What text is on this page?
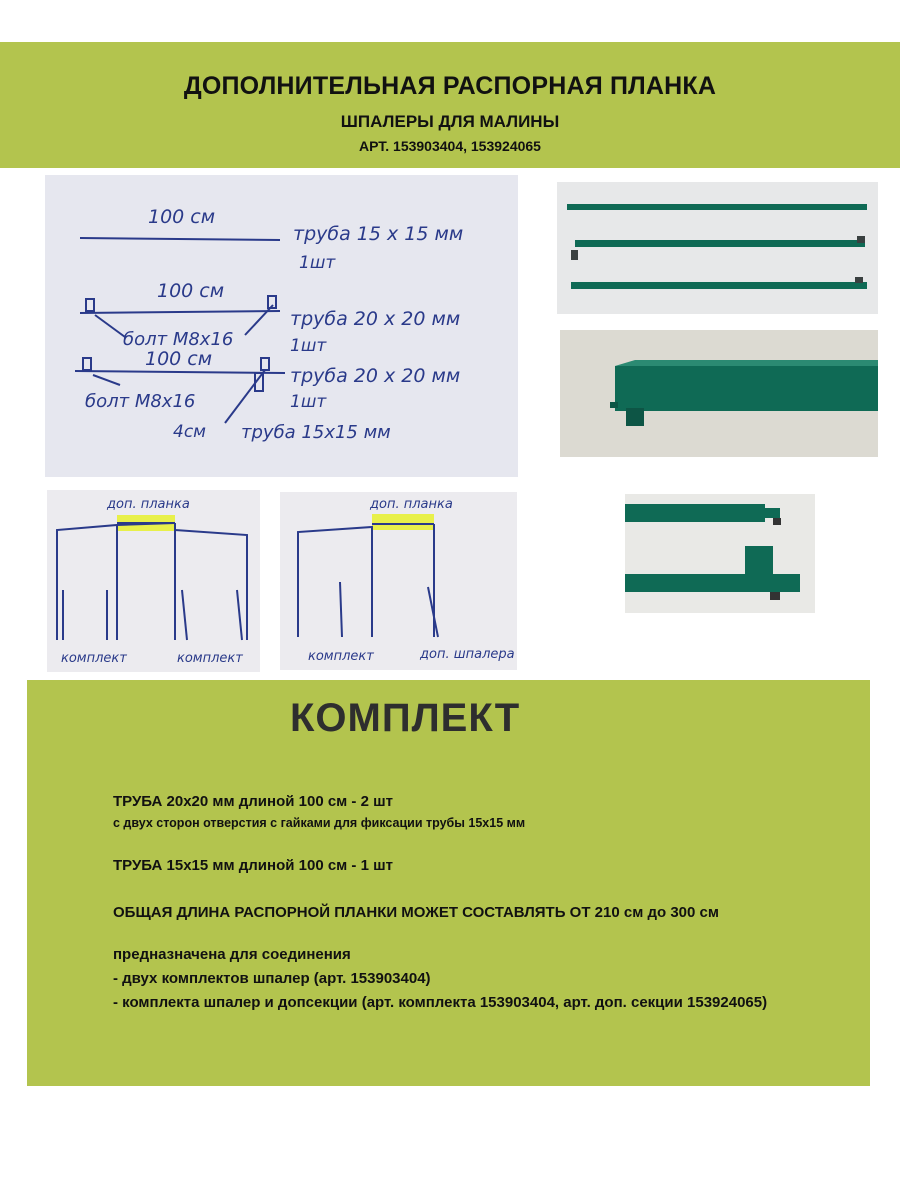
ДОПОЛНИТЕЛЬНАЯ РАСПОРНАЯ ПЛАНКА
ШПАЛЕРЫ ДЛЯ МАЛИНЫ
АРТ. 153903404, 153924065
100 см
труба 15 х 15 мм
1шт
100 см
труба 20 х 20 мм
1шт
болт М8х16
100 см
труба 20 х 20 мм
1шт
болт М8х16
4см труба 15х15 мм
доп. планка
комплект	комплект
доп. планка
комплект	доп. шпалера
КОМПЛЕКТ
ТРУБА 20х20 мм длиной 100 см - 2 шт
с двух сторон отверстия с гайками для фиксации трубы 15х15 мм
ТРУБА 15х15 мм длиной 100 см - 1 шт
ОБЩАЯ ДЛИНА РАСПОРНОЙ ПЛАНКИ МОЖЕТ СОСТАВЛЯТЬ ОТ 210 см до 300 см
предназначена для соединения
- двух комплектов шпалер (арт. 153903404)
- комплекта шпалер и допсекции (арт. комплекта 153903404, арт. доп. секции 153924065)
